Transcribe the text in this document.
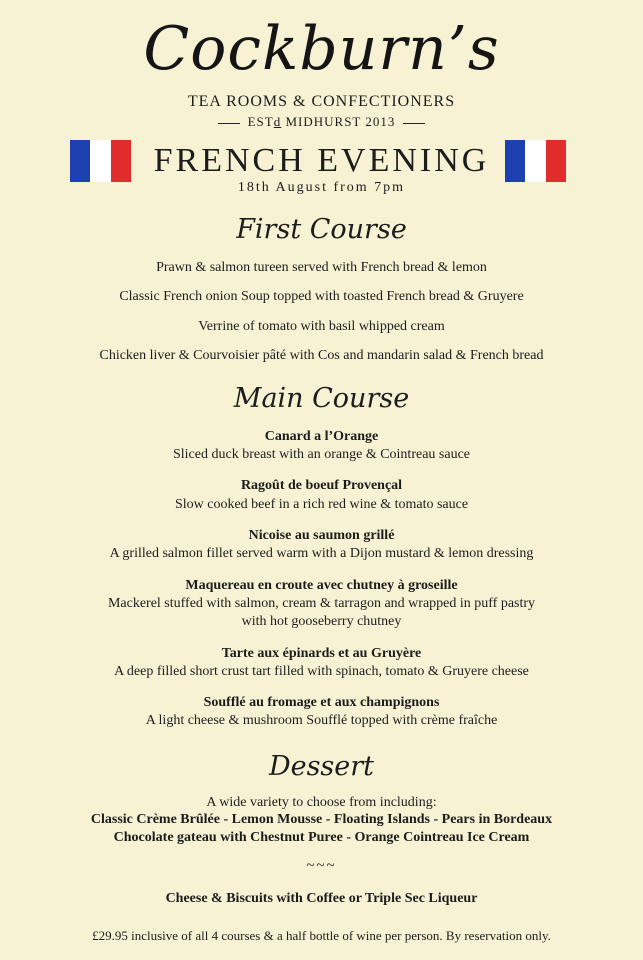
Cockburn’s
TEA ROOMS & CONFECTIONERS
ESTd MIDHURST 2013
FRENCH EVENING
18th August from 7pm
First Course
Prawn & salmon tureen served with French bread & lemon
Classic French onion Soup topped with toasted French bread & Gruyere
Verrine of tomato with basil whipped cream
Chicken liver & Courvoisier pâté with Cos and mandarin salad & French bread
Main Course
Canard a l’Orange
Sliced duck breast with an orange & Cointreau sauce
Ragoût de boeuf Provençal
Slow cooked beef in a rich red wine & tomato sauce
Nicoise au saumon grillé
A grilled salmon fillet served warm with a Dijon mustard & lemon dressing
Maquereau en croute avec chutney à groseille
Mackerel stuffed with salmon, cream & tarragon and wrapped in puff pastry
with hot gooseberry chutney
Tarte aux épinards et au Gruyère
A deep filled short crust tart filled with spinach, tomato & Gruyere cheese
Soufflé au fromage et aux champignons
A light cheese & mushroom Soufflé topped with crème fraîche
Dessert
A wide variety to choose from including:
Classic Crème Brûlée - Lemon Mousse - Floating Islands - Pears in Bordeaux
Chocolate gateau with Chestnut Puree - Orange Cointreau Ice Cream
~~~
Cheese & Biscuits with Coffee or Triple Sec Liqueur
£29.95 inclusive of all 4 courses & a half bottle of wine per person. By reservation only.
